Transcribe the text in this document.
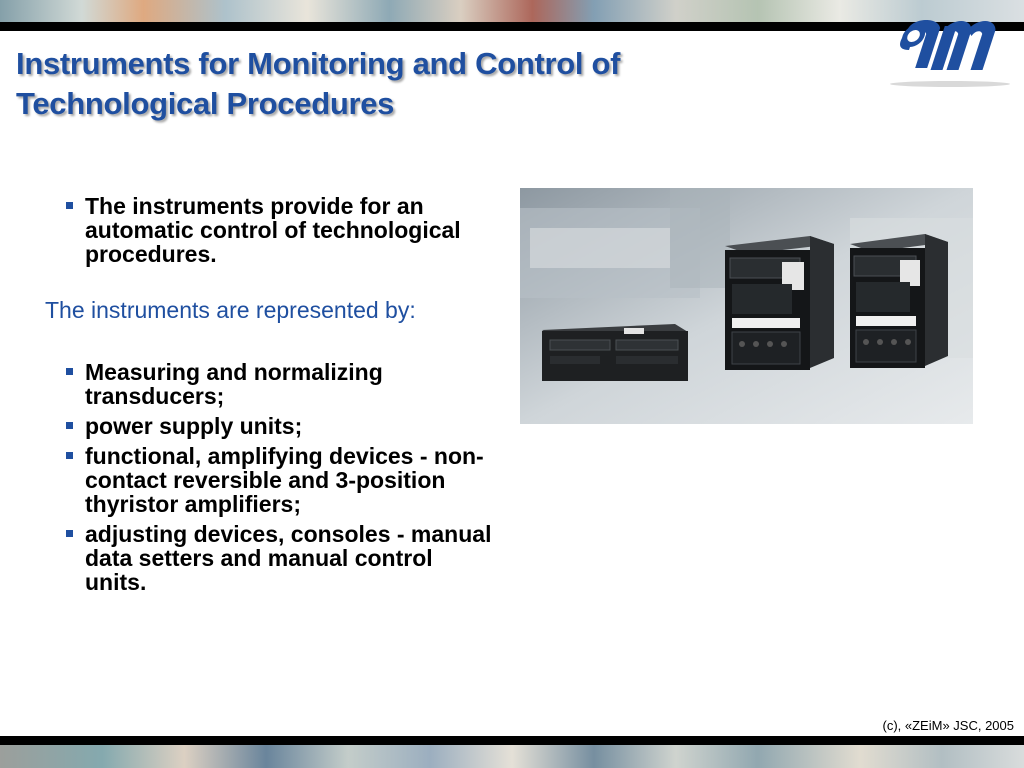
Instruments for Monitoring and Control of
Technological Procedures
The instruments provide for an automatic control of technological procedures.
The instruments are represented by:
Measuring and normalizing transducers;
power supply units;
functional, amplifying devices - non-contact reversible and 3-position thyristor amplifiers;
adjusting devices, consoles - manual data setters and manual control units.
(c), «ZEiM» JSC, 2005
